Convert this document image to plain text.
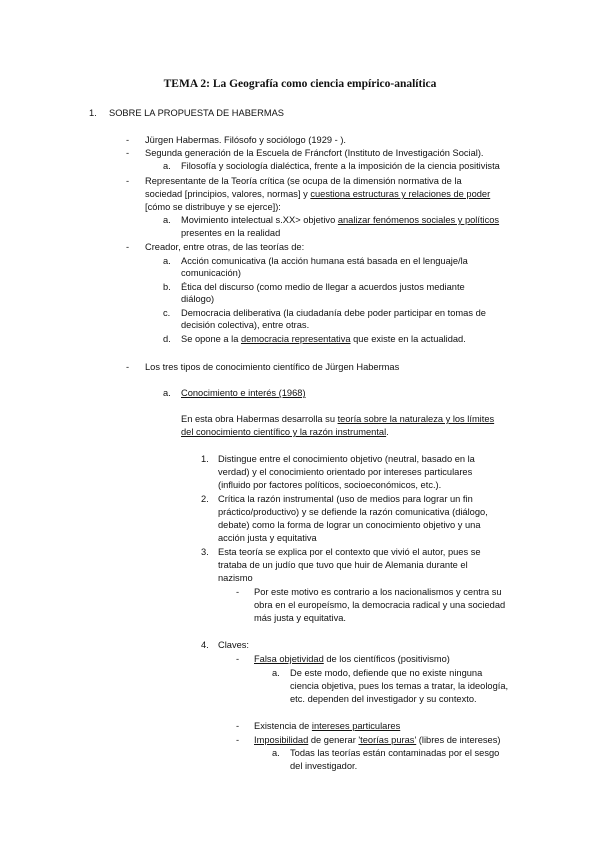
TEMA 2: La Geografía como ciencia empírico-analítica
1. SOBRE LA PROPUESTA DE HABERMAS
- Jürgen Habermas. Filósofo y sociólogo (1929 - ).
- Segunda generación de la Escuela de Fráncfort (Instituto de Investigación Social).
a. Filosofía y sociología dialéctica, frente a la imposición de la ciencia positivista
- Representante de la Teoría crítica (se ocupa de la dimensión normativa de la
sociedad [principios, valores, normas] y cuestiona estructuras y relaciones de poder
[cómo se distribuye y se ejerce]):
a. Movimiento intelectual s.XX> objetivo analizar fenómenos sociales y políticos
presentes en la realidad
- Creador, entre otras, de las teorías de:
a. Acción comunicativa (la acción humana está basada en el lenguaje/la
comunicación)
b. Ética del discurso (como medio de llegar a acuerdos justos mediante
diálogo)
c. Democracia deliberativa (la ciudadanía debe poder participar en tomas de
decisión colectiva), entre otras.
d. Se opone a la democracia representativa que existe en la actualidad.
- Los tres tipos de conocimiento científico de Jürgen Habermas
a. Conocimiento e interés (1968)
En esta obra Habermas desarrolla su teoría sobre la naturaleza y los límites
del conocimiento científico y la razón instrumental.
1. Distingue entre el conocimiento objetivo (neutral, basado en la
verdad) y el conocimiento orientado por intereses particulares
(influido por factores políticos, socioeconómicos, etc.).
2. Crítica la razón instrumental (uso de medios para lograr un fin
práctico/productivo) y se defiende la razón comunicativa (diálogo,
debate) como la forma de lograr un conocimiento objetivo y una
acción justa y equitativa
3. Esta teoría se explica por el contexto que vivió el autor, pues se
trataba de un judío que tuvo que huir de Alemania durante el
nazismo
- Por este motivo es contrario a los nacionalismos y centra su
obra en el europeísmo, la democracia radical y una sociedad
más justa y equitativa.
4. Claves:
- Falsa objetividad de los científicos (positivismo)
a. De este modo, defiende que no existe ninguna
ciencia objetiva, pues los temas a tratar, la ideología,
etc. dependen del investigador y su contexto.
- Existencia de intereses particulares
- Imposibilidad de generar 'teorías puras' (libres de intereses)
a. Todas las teorías están contaminadas por el sesgo
del investigador.
